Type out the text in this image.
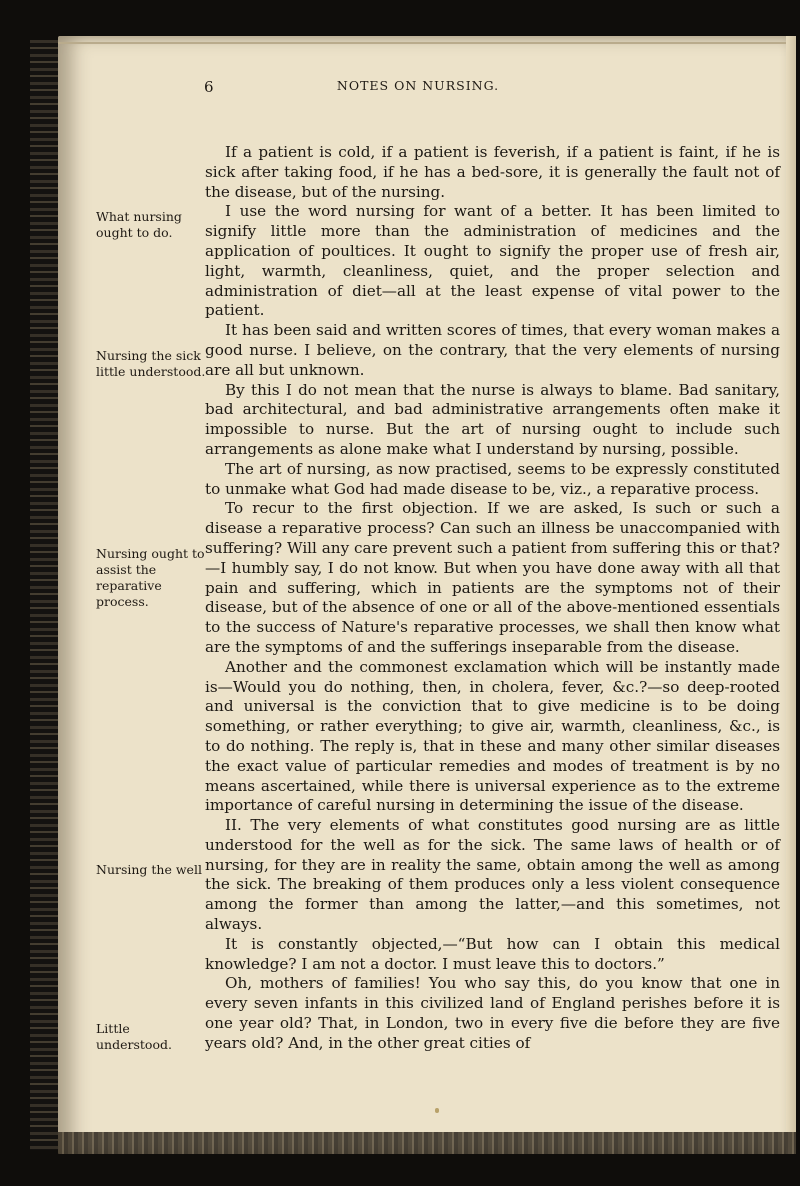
6	NOTES ON NURSING.
What nursing ought to do.
Nursing the sick little understood.
Nursing ought to assist the reparative process.
Nursing the well
Little understood.

If a patient is cold, if a patient is feverish, if a patient is faint, if he is sick after taking food, if he has a bed-sore, it is generally the fault not of the disease, but of the nursing.

I use the word nursing for want of a better. It has been limited to signify little more than the administration of medicines and the application of poultices. It ought to signify the proper use of fresh air, light, warmth, cleanliness, quiet, and the proper selection and administration of diet—all at the least expense of vital power to the patient.

It has been said and written scores of times, that every woman makes a good nurse. I believe, on the contrary, that the very elements of nursing are all but unknown.

By this I do not mean that the nurse is always to blame. Bad sanitary, bad architectural, and bad administrative arrangements often make it impossible to nurse. But the art of nursing ought to include such arrangements as alone make what I understand by nursing, possible.

The art of nursing, as now practised, seems to be expressly constituted to unmake what God had made disease to be, viz., a reparative process.

To recur to the first objection. If we are asked, Is such or such a disease a reparative process? Can such an illness be unaccompanied with suffering? Will any care prevent such a patient from suffering this or that?—I humbly say, I do not know. But when you have done away with all that pain and suffering, which in patients are the symptoms not of their disease, but of the absence of one or all of the above-mentioned essentials to the success of Nature's reparative processes, we shall then know what are the symptoms of and the sufferings inseparable from the disease.

Another and the commonest exclamation which will be instantly made is—Would you do nothing, then, in cholera, fever, &c.?—so deep-rooted and universal is the conviction that to give medicine is to be doing something, or rather everything; to give air, warmth, cleanliness, &c., is to do nothing. The reply is, that in these and many other similar diseases the exact value of particular remedies and modes of treatment is by no means ascertained, while there is universal experience as to the extreme importance of careful nursing in determining the issue of the disease.

II. The very elements of what constitutes good nursing are as little understood for the well as for the sick. The same laws of health or of nursing, for they are in reality the same, obtain among the well as among the sick. The breaking of them produces only a less violent consequence among the former than among the latter,—and this sometimes, not always.

It is constantly objected,—“But how can I obtain this medical knowledge? I am not a doctor. I must leave this to doctors.”

Oh, mothers of families! You who say this, do you know that one in every seven infants in this civilized land of England perishes before it is one year old? That, in London, two in every five die before they are five years old? And, in the other great cities of
